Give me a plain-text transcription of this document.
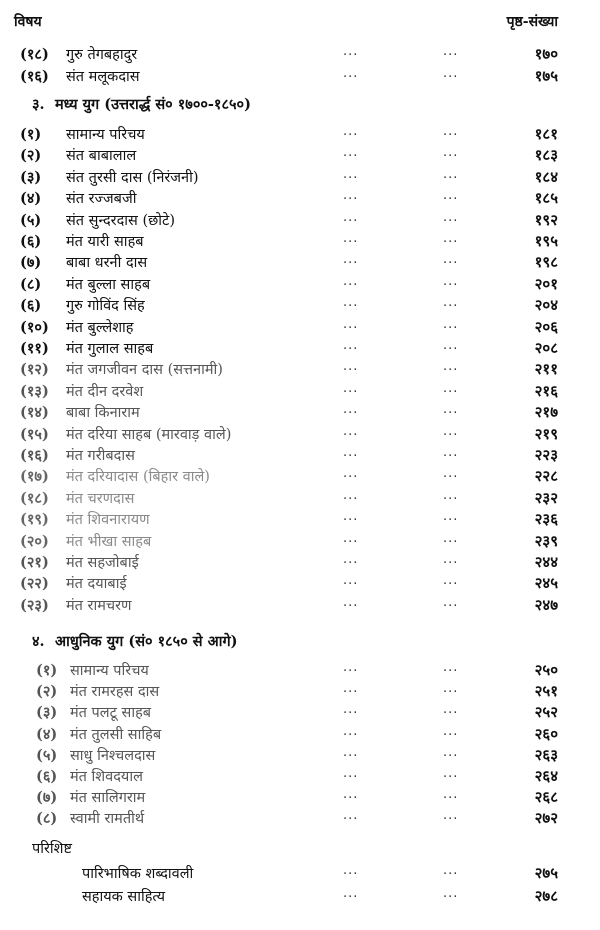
विषय	पृष्ठ-संख्या
(१८) गुरु तेगबहादुर	...	...	१७०
(१६) संत मलूकदास	...	...	१७५
३. मध्य युग (उत्तरार्द्ध सं० १७००-१८५०)
(१) सामान्य परिचय	...	...	१८१
(२) संत बाबालाल	...	...	१८३
(३) संत तुरसी दास (निरंजनी)	...	...	१८४
(४) संत रज्जबजी	...	...	१८५
(५) संत सुन्दरदास (छोटे)	...	...	१९२
(६) मंत यारी साहब	...	...	१९५
(७) बाबा धरनी दास	...	...	१९८
(८) मंत बुल्ला साहब	...	...	२०१
(६) गुरु गोविंद सिंह	...	...	२०४
(१०) मंत बुल्लेशाह	...	...	२०६
(११) मंत गुलाल साहब	...	...	२०८
(१२) मंत जगजीवन दास (सत्तनामी)	...	...	२११
(१३) मंत दीन दरवेश	...	...	२१६
(१४) बाबा किनाराम	...	...	२१७
(१५) मंत दरिया साहब (मारवाड़ वाले)	...	...	२१९
(१६) मंत गरीबदास	...	...	२२३
(१७) मंत दरियादास (बिहार वाले)	...	...	२२८
(१८) मंत चरणदास	...	...	२३२
(१९) मंत शिवनारायण	...	...	२३६
(२०) मंत भीखा साहब	...	...	२३९
(२१) मंत सहजोबाई	...	...	२४४
(२२) मंत दयाबाई	...	...	२४५
(२३) मंत रामचरण	...	...	२४७
४. आधुनिक युग (सं० १८५० से आगे)
(१) सामान्य परिचय	...	...	२५०
(२) मंत रामरहस दास	...	...	२५१
(३) मंत पलटू साहब	...	...	२५२
(४) मंत तुलसी साहिब	...	...	२६०
(५) साधु निश्चलदास	...	...	२६३
(६) मंत शिवदयाल	...	...	२६४
(७) मंत सालिगराम	...	...	२६८
(८) स्वामी रामतीर्थ	...	...	२७२
परिशिष्ट
पारिभाषिक शब्दावली	...	...	२७५
सहायक साहित्य	...	...	२७८
